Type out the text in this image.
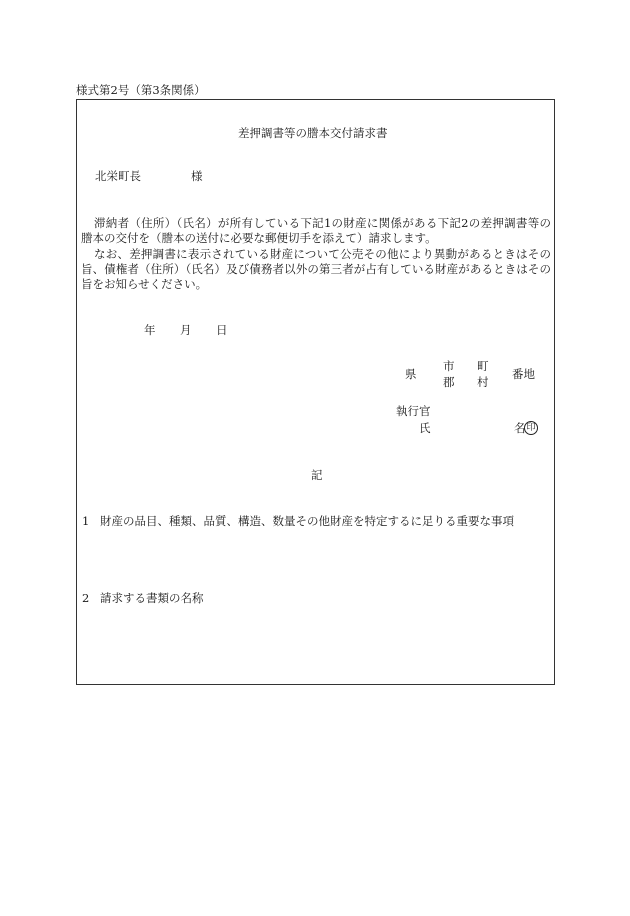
様式第2号（第3条関係）
差押調書等の謄本交付請求書
北栄町長	様
滞納者（住所）（氏名）が所有している下記1の財産に関係がある下記2の差押調書等の謄本の交付を（謄本の送付に必要な郵便切手を添えて）請求します。
なお、差押調書に表示されている財産について公売その他により異動があるときはその旨、債権者（住所）（氏名）及び債務者以外の第三者が占有している財産があるときはその旨をお知らせください。
年 月 日
県
市
郡
町
村
番地
執行官
氏	名 印
記
1 財産の品目、種類、品質、構造、数量その他財産を特定するに足りる重要な事項
2 請求する書類の名称
